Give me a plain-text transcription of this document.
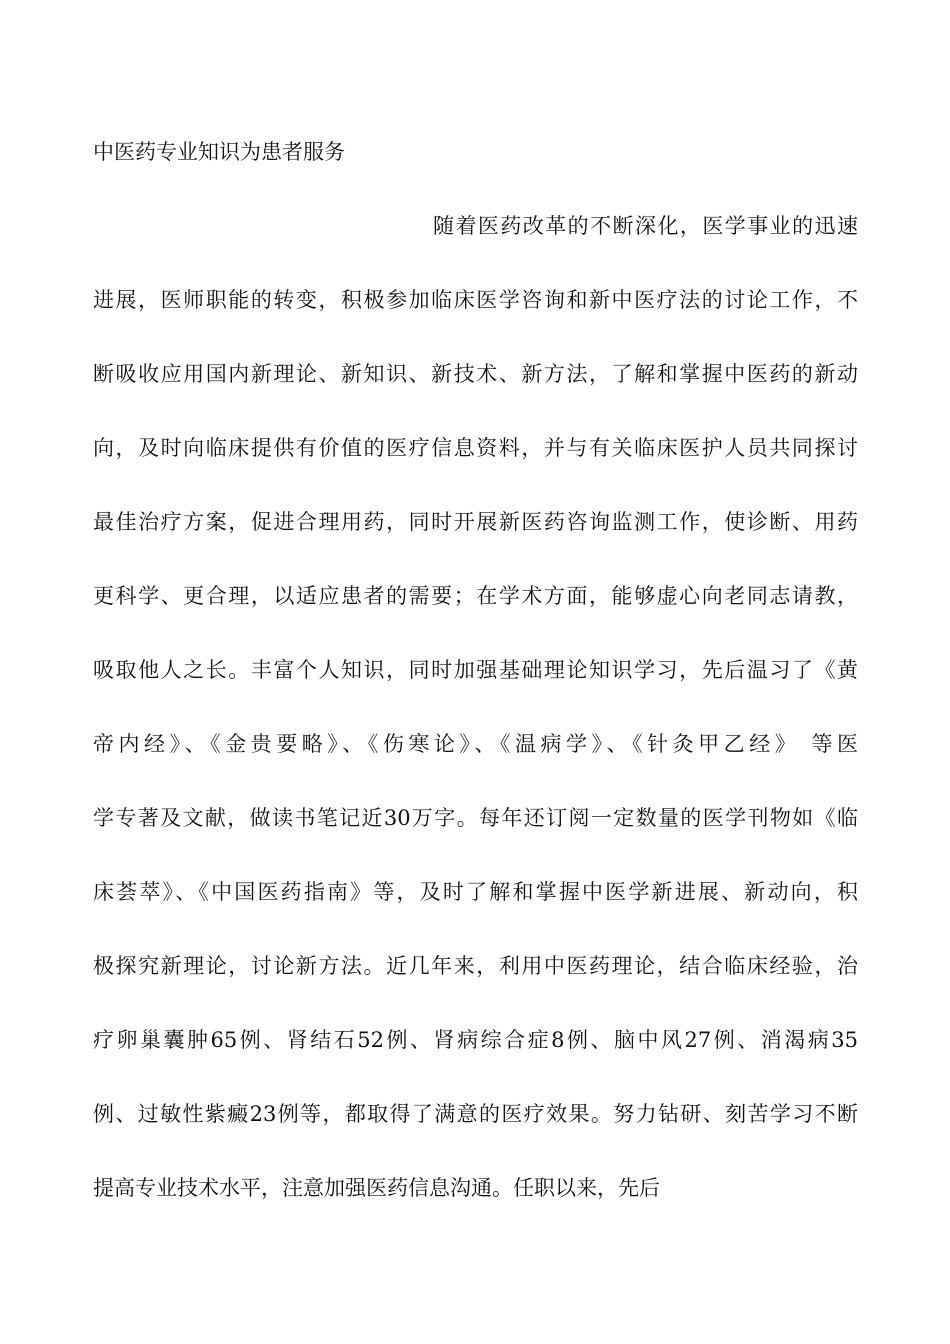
中医药专业知识为患者服务
随着医药改革的不断深化，医学事业的迅速
进展，医师职能的转变，积极参加临床医学咨询和新中医疗法的讨论工作，不
断吸收应用国内新理论、新知识、新技术、新方法，了解和掌握中医药的新动
向，及时向临床提供有价值的医疗信息资料，并与有关临床医护人员共同探讨
最佳治疗方案，促进合理用药，同时开展新医药咨询监测工作，使诊断、用药
更科学、更合理，以适应患者的需要；在学术方面，能够虚心向老同志请教，
吸取他人之长。丰富个人知识，同时加强基础理论知识学习，先后温习了《黄
帝内经》、《金贵要略》、《伤寒论》、《温病学》、《针灸甲乙经》 等医
学专著及文献，做读书笔记近30万字。每年还订阅一定数量的医学刊物如《临
床荟萃》、《中国医药指南》等，及时了解和掌握中医学新进展、新动向，积
极探究新理论，讨论新方法。近几年来，利用中医药理论，结合临床经验，治
疗卵巢囊肿65例、肾结石52例、肾病综合症8例、脑中风27例、消渴病35
例、过敏性紫癜23例等，都取得了满意的医疗效果。努力钻研、刻苦学习不断
提高专业技术水平，注意加强医药信息沟通。任职以来，先后
